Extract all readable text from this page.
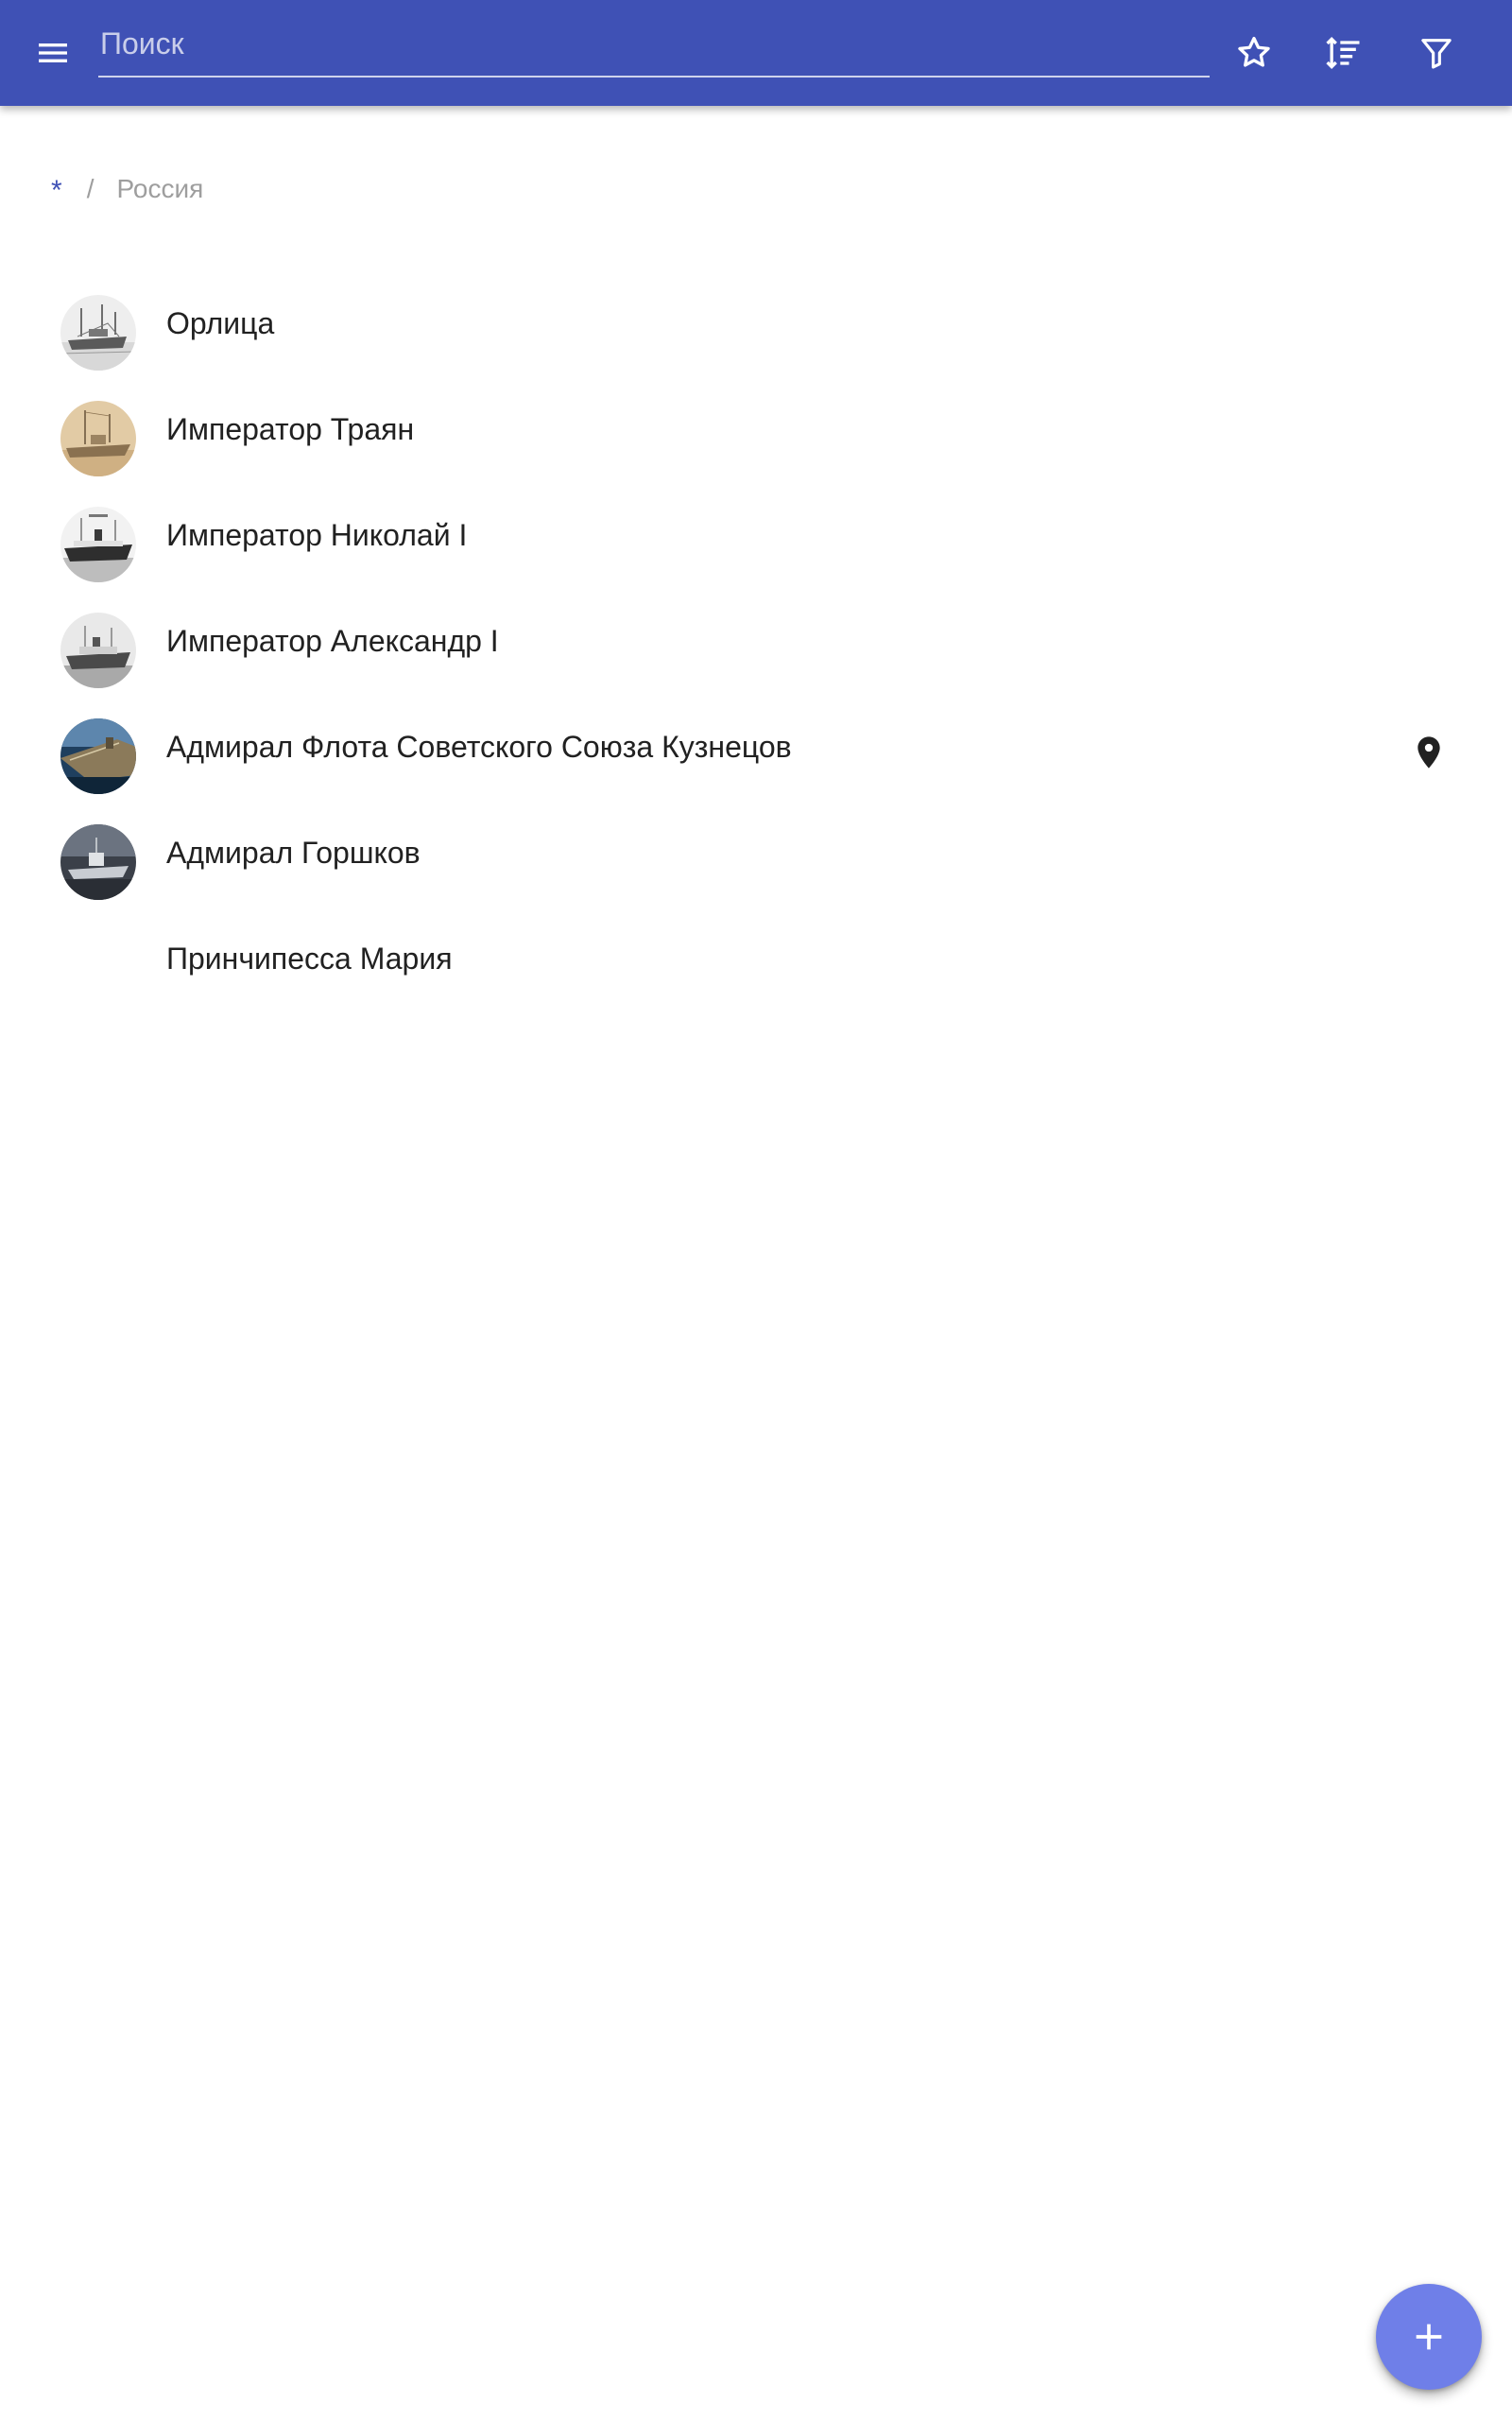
Поиск
* / Россия
Орлица
Император Траян
Император Николай I
Император Александр I
Адмирал Флота Советского Союза Кузнецов
Адмирал Горшков
Принчипесса Мария
